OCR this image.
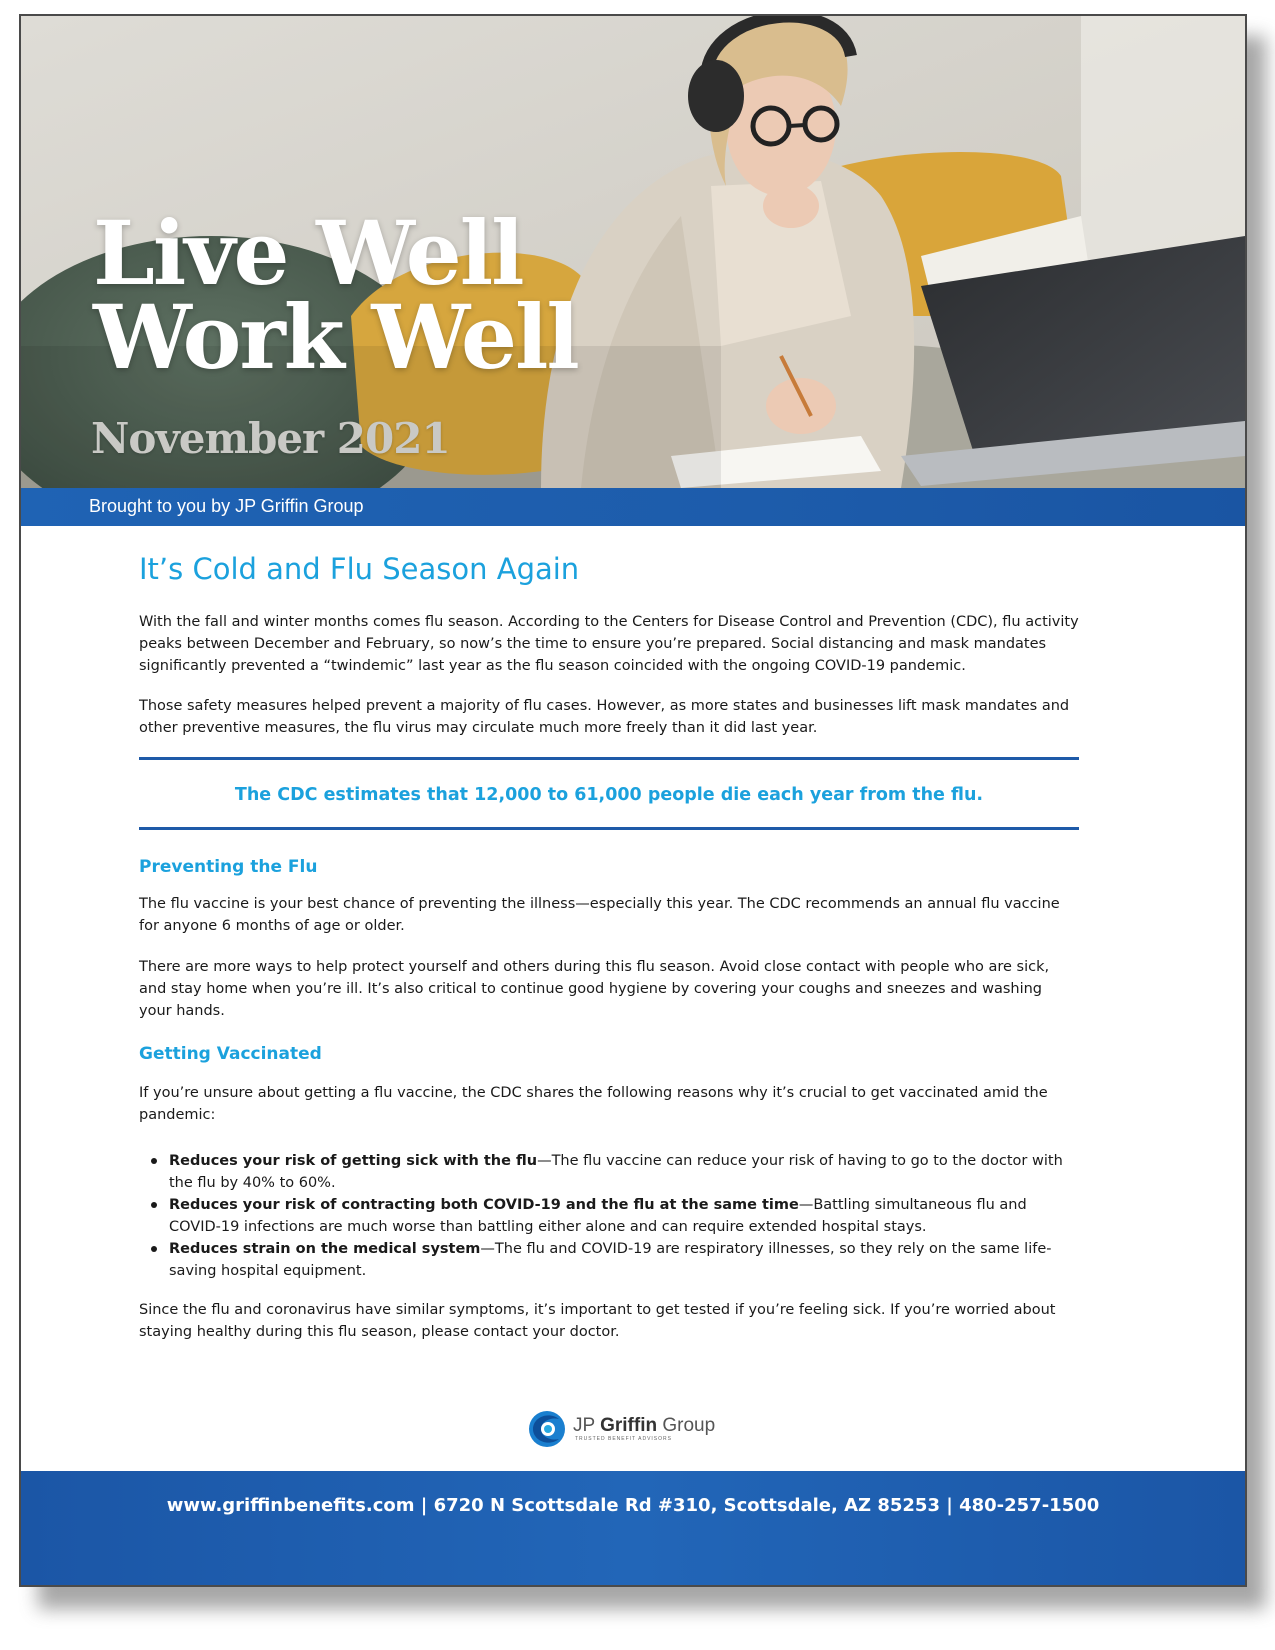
Live Well
Work Well
November 2021
Brought to you by JP Griffin Group
It’s Cold and Flu Season Again

With the fall and winter months comes flu season. According to the Centers for Disease Control and Prevention (CDC), flu activity peaks between December and February, so now’s the time to ensure you’re prepared. Social distancing and mask mandates significantly prevented a “twindemic” last year as the flu season coincided with the ongoing COVID-19 pandemic.

Those safety measures helped prevent a majority of flu cases. However, as more states and businesses lift mask mandates and other preventive measures, the flu virus may circulate much more freely than it did last year.

The CDC estimates that 12,000 to 61,000 people die each year from the flu.
Preventing the Flu

The flu vaccine is your best chance of preventing the illness—especially this year. The CDC recommends an annual flu vaccine for anyone 6 months of age or older.

There are more ways to help protect yourself and others during this flu season. Avoid close contact with people who are sick, and stay home when you’re ill. It’s also critical to continue good hygiene by covering your coughs and sneezes and washing your hands.

Getting Vaccinated

If you’re unsure about getting a flu vaccine, the CDC shares the following reasons why it’s crucial to get vaccinated amid the pandemic:

Reduces your risk of getting sick with the flu—The flu vaccine can reduce your risk of having to go to the doctor with the flu by 40% to 60%.
Reduces your risk of contracting both COVID-19 and the flu at the same time—Battling simultaneous flu and COVID-19 infections are much worse than battling either alone and can require extended hospital stays.
Reduces strain on the medical system—The flu and COVID-19 are respiratory illnesses, so they rely on the same life-saving hospital equipment.

Since the flu and coronavirus have similar symptoms, it’s important to get tested if you’re feeling sick. If you’re worried about staying healthy during this flu season, please contact your doctor.

JP Griffin Group
TRUSTED BENEFIT ADVISORS
www.griffinbenefits.com | 6720 N Scottsdale Rd #310, Scottsdale, AZ 85253 | 480-257-1500
